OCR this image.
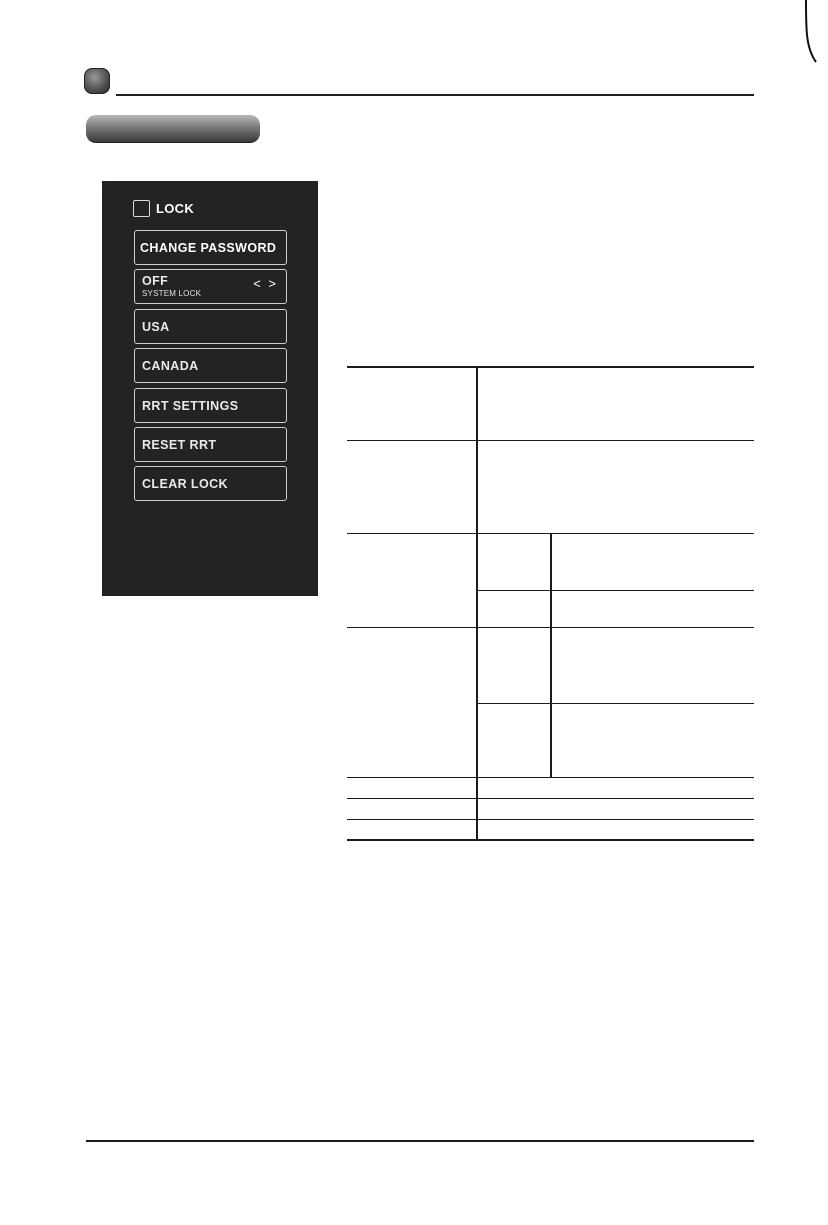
LOCK
CHANGE PASSWORD
OFF
SYSTEM LOCK
< >
USA
CANADA
RRT SETTINGS
RESET RRT
CLEAR LOCK
